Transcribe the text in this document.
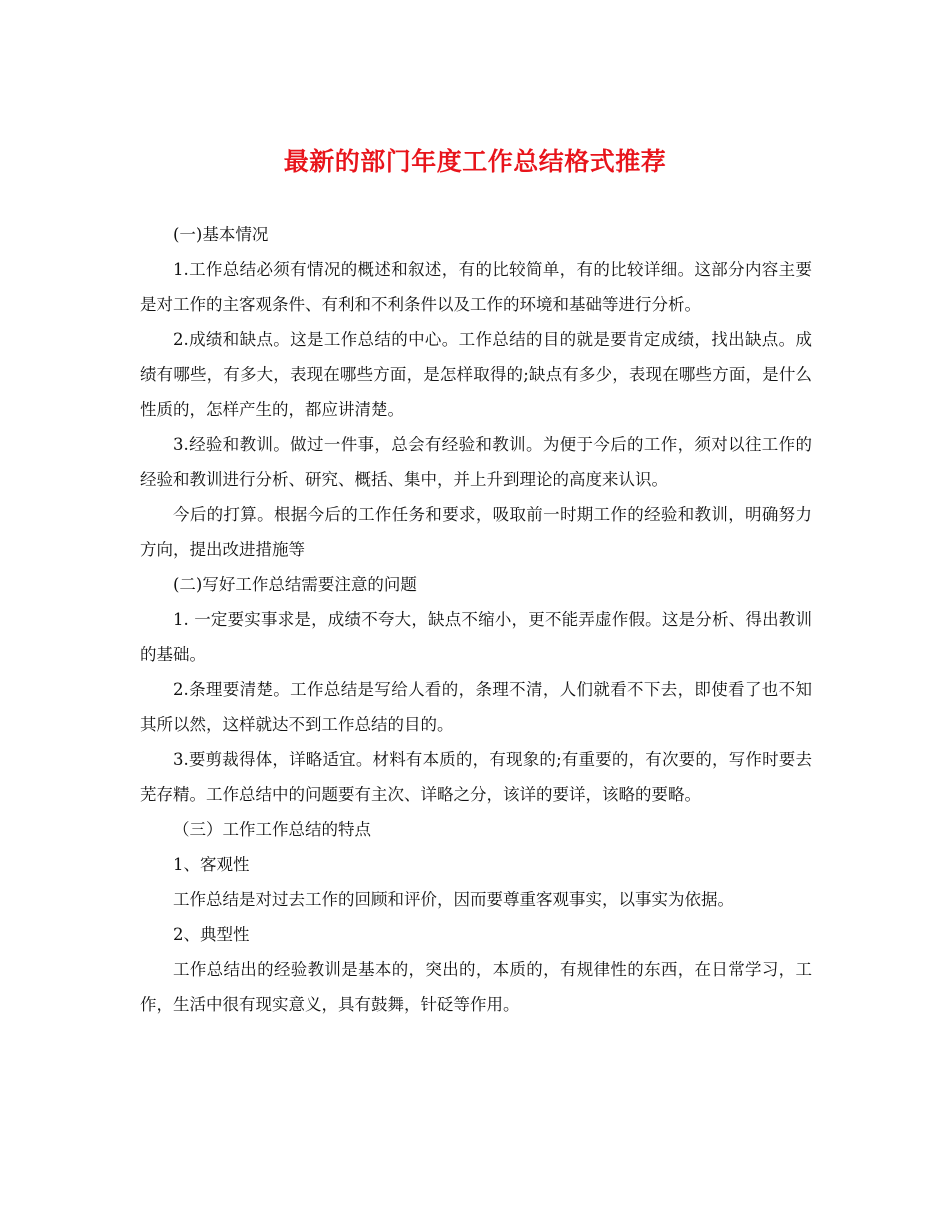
最新的部门年度工作总结格式推荐

(一)基本情况

1.工作总结必须有情况的概述和叙述，有的比较简单，有的比较详细。这部分内容主要是对工作的主客观条件、有利和不利条件以及工作的环境和基础等进行分析。

2.成绩和缺点。这是工作总结的中心。工作总结的目的就是要肯定成绩，找出缺点。成绩有哪些，有多大，表现在哪些方面，是怎样取得的;缺点有多少，表现在哪些方面，是什么性质的，怎样产生的，都应讲清楚。

3.经验和教训。做过一件事，总会有经验和教训。为便于今后的工作，须对以往工作的经验和教训进行分析、研究、概括、集中，并上升到理论的高度来认识。

今后的打算。根据今后的工作任务和要求，吸取前一时期工作的经验和教训，明确努力方向，提出改进措施等

(二)写好工作总结需要注意的问题

1. 一定要实事求是，成绩不夸大，缺点不缩小，更不能弄虚作假。这是分析、得出教训的基础。

2.条理要清楚。工作总结是写给人看的，条理不清，人们就看不下去，即使看了也不知其所以然，这样就达不到工作总结的目的。

3.要剪裁得体，详略适宜。材料有本质的，有现象的;有重要的，有次要的，写作时要去芜存精。工作总结中的问题要有主次、详略之分，该详的要详，该略的要略。

（三）工作工作总结的特点

1、客观性

工作总结是对过去工作的回顾和评价，因而要尊重客观事实，以事实为依据。

2、典型性

工作总结出的经验教训是基本的，突出的，本质的，有规律性的东西，在日常学习，工作，生活中很有现实意义，具有鼓舞，针砭等作用。
